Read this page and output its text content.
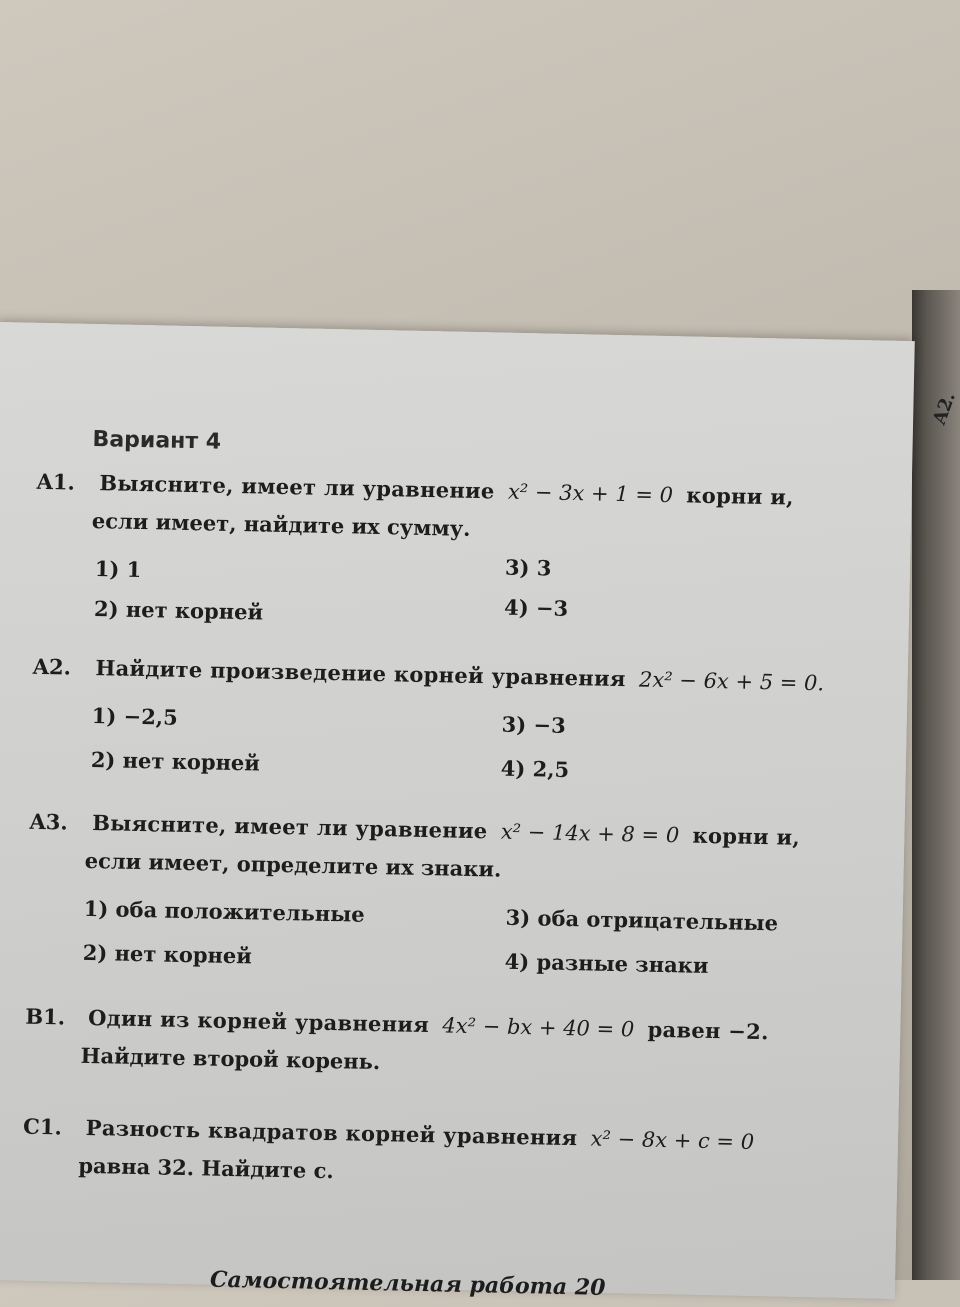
A2.
Вариант 4
A1. Выясните, имеет ли уравнение x² − 3x + 1 = 0 корни и,
если имеет, найдите их сумму.
1) 1
2) нет корней
3) 3
4) −3
A2. Найдите произведение корней уравнения 2x² − 6x + 5 = 0.
1) −2,5
2) нет корней
3) −3
4) 2,5
A3. Выясните, имеет ли уравнение x² − 14x + 8 = 0 корни и,
если имеет, определите их знаки.
1) оба положительные
2) нет корней
3) оба отрицательные
4) разные знаки
B1. Один из корней уравнения 4x² − bx + 40 = 0 равен −2.
Найдите второй корень.
C1. Разность квадратов корней уравнения x² − 8x + c = 0
равна 32. Найдите c.
Самостоятельная работа 20
